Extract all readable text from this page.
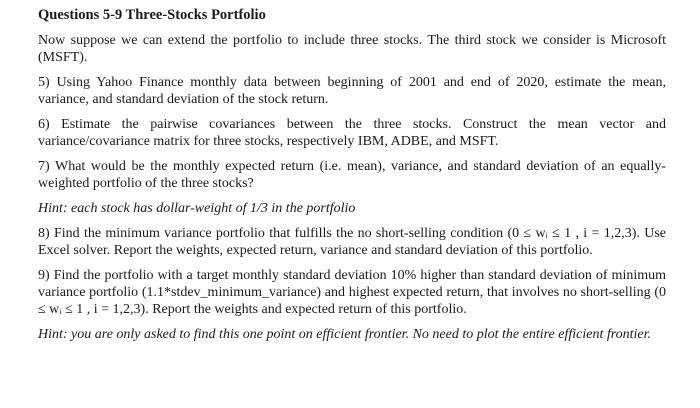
Questions 5-9 Three-Stocks Portfolio
Now suppose we can extend the portfolio to include three stocks. The third stock we consider is Microsoft (MSFT).
5) Using Yahoo Finance monthly data between beginning of 2001 and end of 2020, estimate the mean, variance, and standard deviation of the stock return.
6) Estimate the pairwise covariances between the three stocks. Construct the mean vector and variance/covariance matrix for three stocks, respectively IBM, ADBE, and MSFT.
7) What would be the monthly expected return (i.e. mean), variance, and standard deviation of an equally-weighted portfolio of the three stocks?
Hint: each stock has dollar-weight of 1/3 in the portfolio
8) Find the minimum variance portfolio that fulfills the no short-selling condition (0 ≤ wᵢ ≤ 1 , i = 1,2,3). Use Excel solver. Report the weights, expected return, variance and standard deviation of this portfolio.
9) Find the portfolio with a target monthly standard deviation 10% higher than standard deviation of minimum variance portfolio (1.1*stdev_minimum_variance) and highest expected return, that involves no short-selling (0 ≤ wᵢ ≤ 1 , i = 1,2,3). Report the weights and expected return of this portfolio.
Hint: you are only asked to find this one point on efficient frontier. No need to plot the entire efficient frontier.
